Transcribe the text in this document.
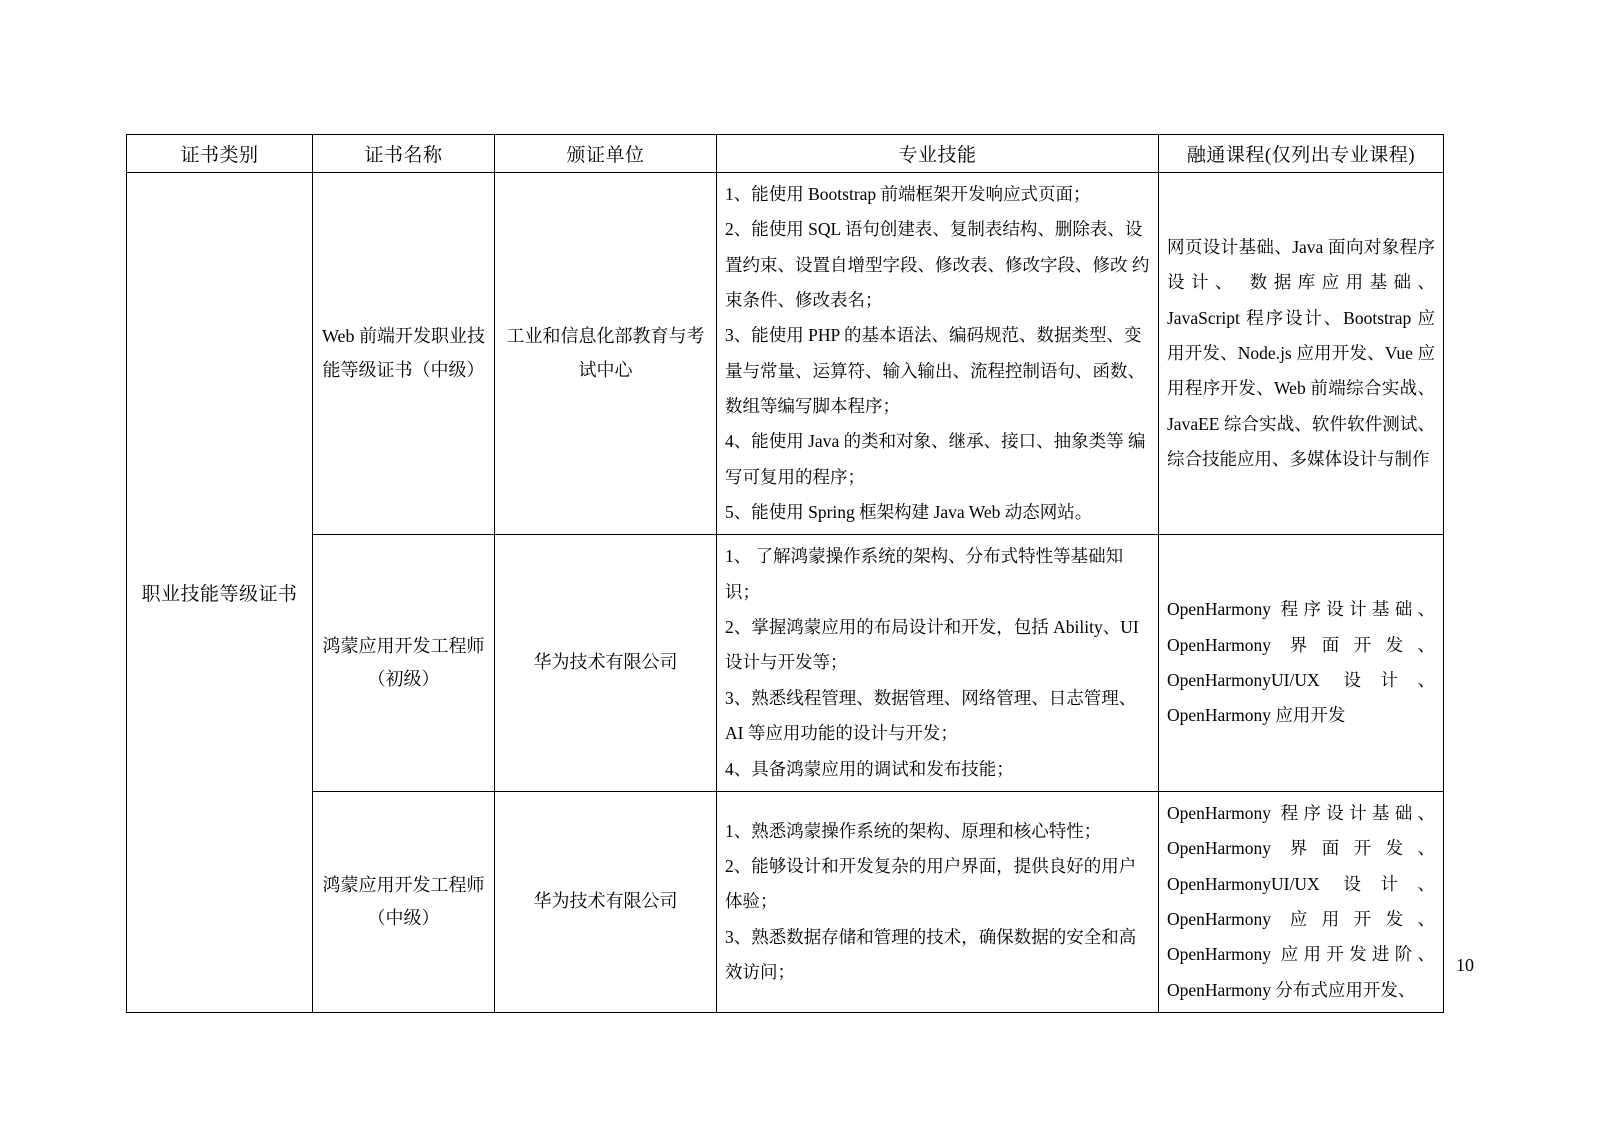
证书类别	证书名称	颁证单位	专业技能	融通课程(仅列出专业课程)
职业技能等级证书	Web 前端开发职业技能等级证书（中级）	工业和信息化部教育与考试中心	1、能使用 Bootstrap 前端框架开发响应式页面；
2、能使用 SQL 语句创建表、复制表结构、删除表、设置约束、设置自增型字段、修改表、修改字段、修改 约束条件、修改表名；
3、能使用 PHP 的基本语法、编码规范、数据类型、变量与常量、运算符、输入输出、流程控制语句、函数、 数组等编写脚本程序；
4、能使用 Java 的类和对象、继承、接口、抽象类等 编写可复用的程序；
5、能使用 Spring 框架构建 Java Web 动态网站。	网页设计基础、Java 面向对象程序设计、 数据库应用基础、JavaScript 程序设计、Bootstrap 应用开发、Node.js 应用开发、Vue 应用程序开发、Web 前端综合实战、JavaEE 综合实战、软件软件测试、综合技能应用、多媒体设计与制作
	鸿蒙应用开发工程师（初级）	华为技术有限公司	1、 了解鸿蒙操作系统的架构、分布式特性等基础知识；
2、掌握鸿蒙应用的布局设计和开发，包括 Ability、UI 设计与开发等；
3、熟悉线程管理、数据管理、网络管理、日志管理、AI 等应用功能的设计与开发；
4、具备鸿蒙应用的调试和发布技能；	OpenHarmony 程序设计基础、OpenHarmony 界面开发、OpenHarmonyUI/UX 设计、OpenHarmony 应用开发
	鸿蒙应用开发工程师（中级）	华为技术有限公司	1、熟悉鸿蒙操作系统的架构、原理和核心特性；
2、能够设计和开发复杂的用户界面，提供良好的用户体验；
3、熟悉数据存储和管理的技术，确保数据的安全和高效访问；	OpenHarmony 程序设计基础、OpenHarmony 界面开发、OpenHarmonyUI/UX 设计、OpenHarmony 应用开发、OpenHarmony 应用开发进阶、OpenHarmony 分布式应用开发、
10
